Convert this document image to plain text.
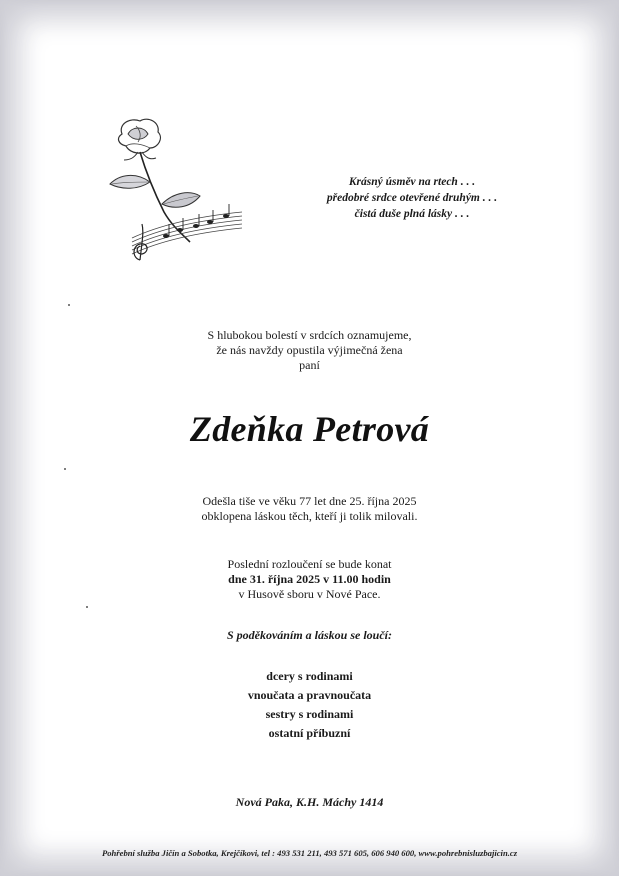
Krásný úsměv na rtech . . .
předobré srdce otevřené druhým . . .
čistá duše plná lásky . . .
S hlubokou bolestí v srdcích oznamujeme,
že nás navždy opustila výjimečná žena
paní
Zdeňka Petrová
Odešla tiše ve věku 77 let dne 25. října 2025
obklopena láskou těch, kteří ji tolik milovali.
Poslední rozloučení se bude konat
dne 31. října 2025 v 11.00 hodin
v Husově sboru v Nové Pace.
S poděkováním a láskou se loučí:
dcery s rodinami
vnoučata a pravnoučata
sestry s rodinami
ostatní příbuzní
Nová Paka, K.H. Máchy 1414
Pohřební služba Jičín a Sobotka, Krejčíkovi, tel : 493 531 211, 493 571 605, 606 940 600, www.pohrebnisluzbajicin.cz
